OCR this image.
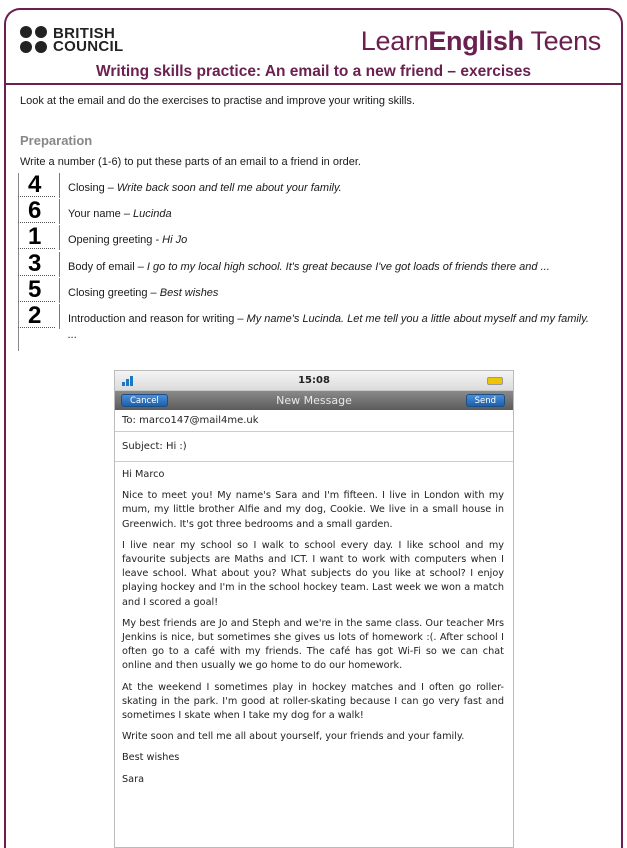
BRITISH
COUNCIL	LearnEnglish Teens
Writing skills practice: An email to a new friend – exercises
Look at the email and do the exercises to practise and improve your writing skills.
Preparation
Write a number (1-6) to put these parts of an email to a friend in order.
4	Closing – Write back soon and tell me about your family.
6	Your name – Lucinda
1	Opening greeting - Hi Jo
3	Body of email – I go to my local high school. It's great because I've got loads of friends there and ...
5	Closing greeting – Best wishes
2	Introduction and reason for writing – My name's Lucinda. Let me tell you a little about myself and my family. ...
15:08
Cancel	New Message	Send
To: marco147@mail4me.uk
Subject: Hi :)

Hi Marco

Nice to meet you! My name's Sara and I'm fifteen. I live in London with my mum, my little brother Alfie and my dog, Cookie. We live in a small house in Greenwich. It's got three bedrooms and a small garden.

I live near my school so I walk to school every day. I like school and my favourite subjects are Maths and ICT. I want to work with computers when I leave school. What about you? What subjects do you like at school? I enjoy playing hockey and I'm in the school hockey team. Last week we won a match and I scored a goal!

My best friends are Jo and Steph and we're in the same class. Our teacher Mrs Jenkins is nice, but sometimes she gives us lots of homework :(. After school I often go to a café with my friends. The café has got Wi-Fi so we can chat online and then usually we go home to do our homework.

At the weekend I sometimes play in hockey matches and I often go roller-skating in the park. I'm good at roller-skating because I can go very fast and sometimes I skate when I take my dog for a walk!

Write soon and tell me all about yourself, your friends and your family.

Best wishes

Sara
